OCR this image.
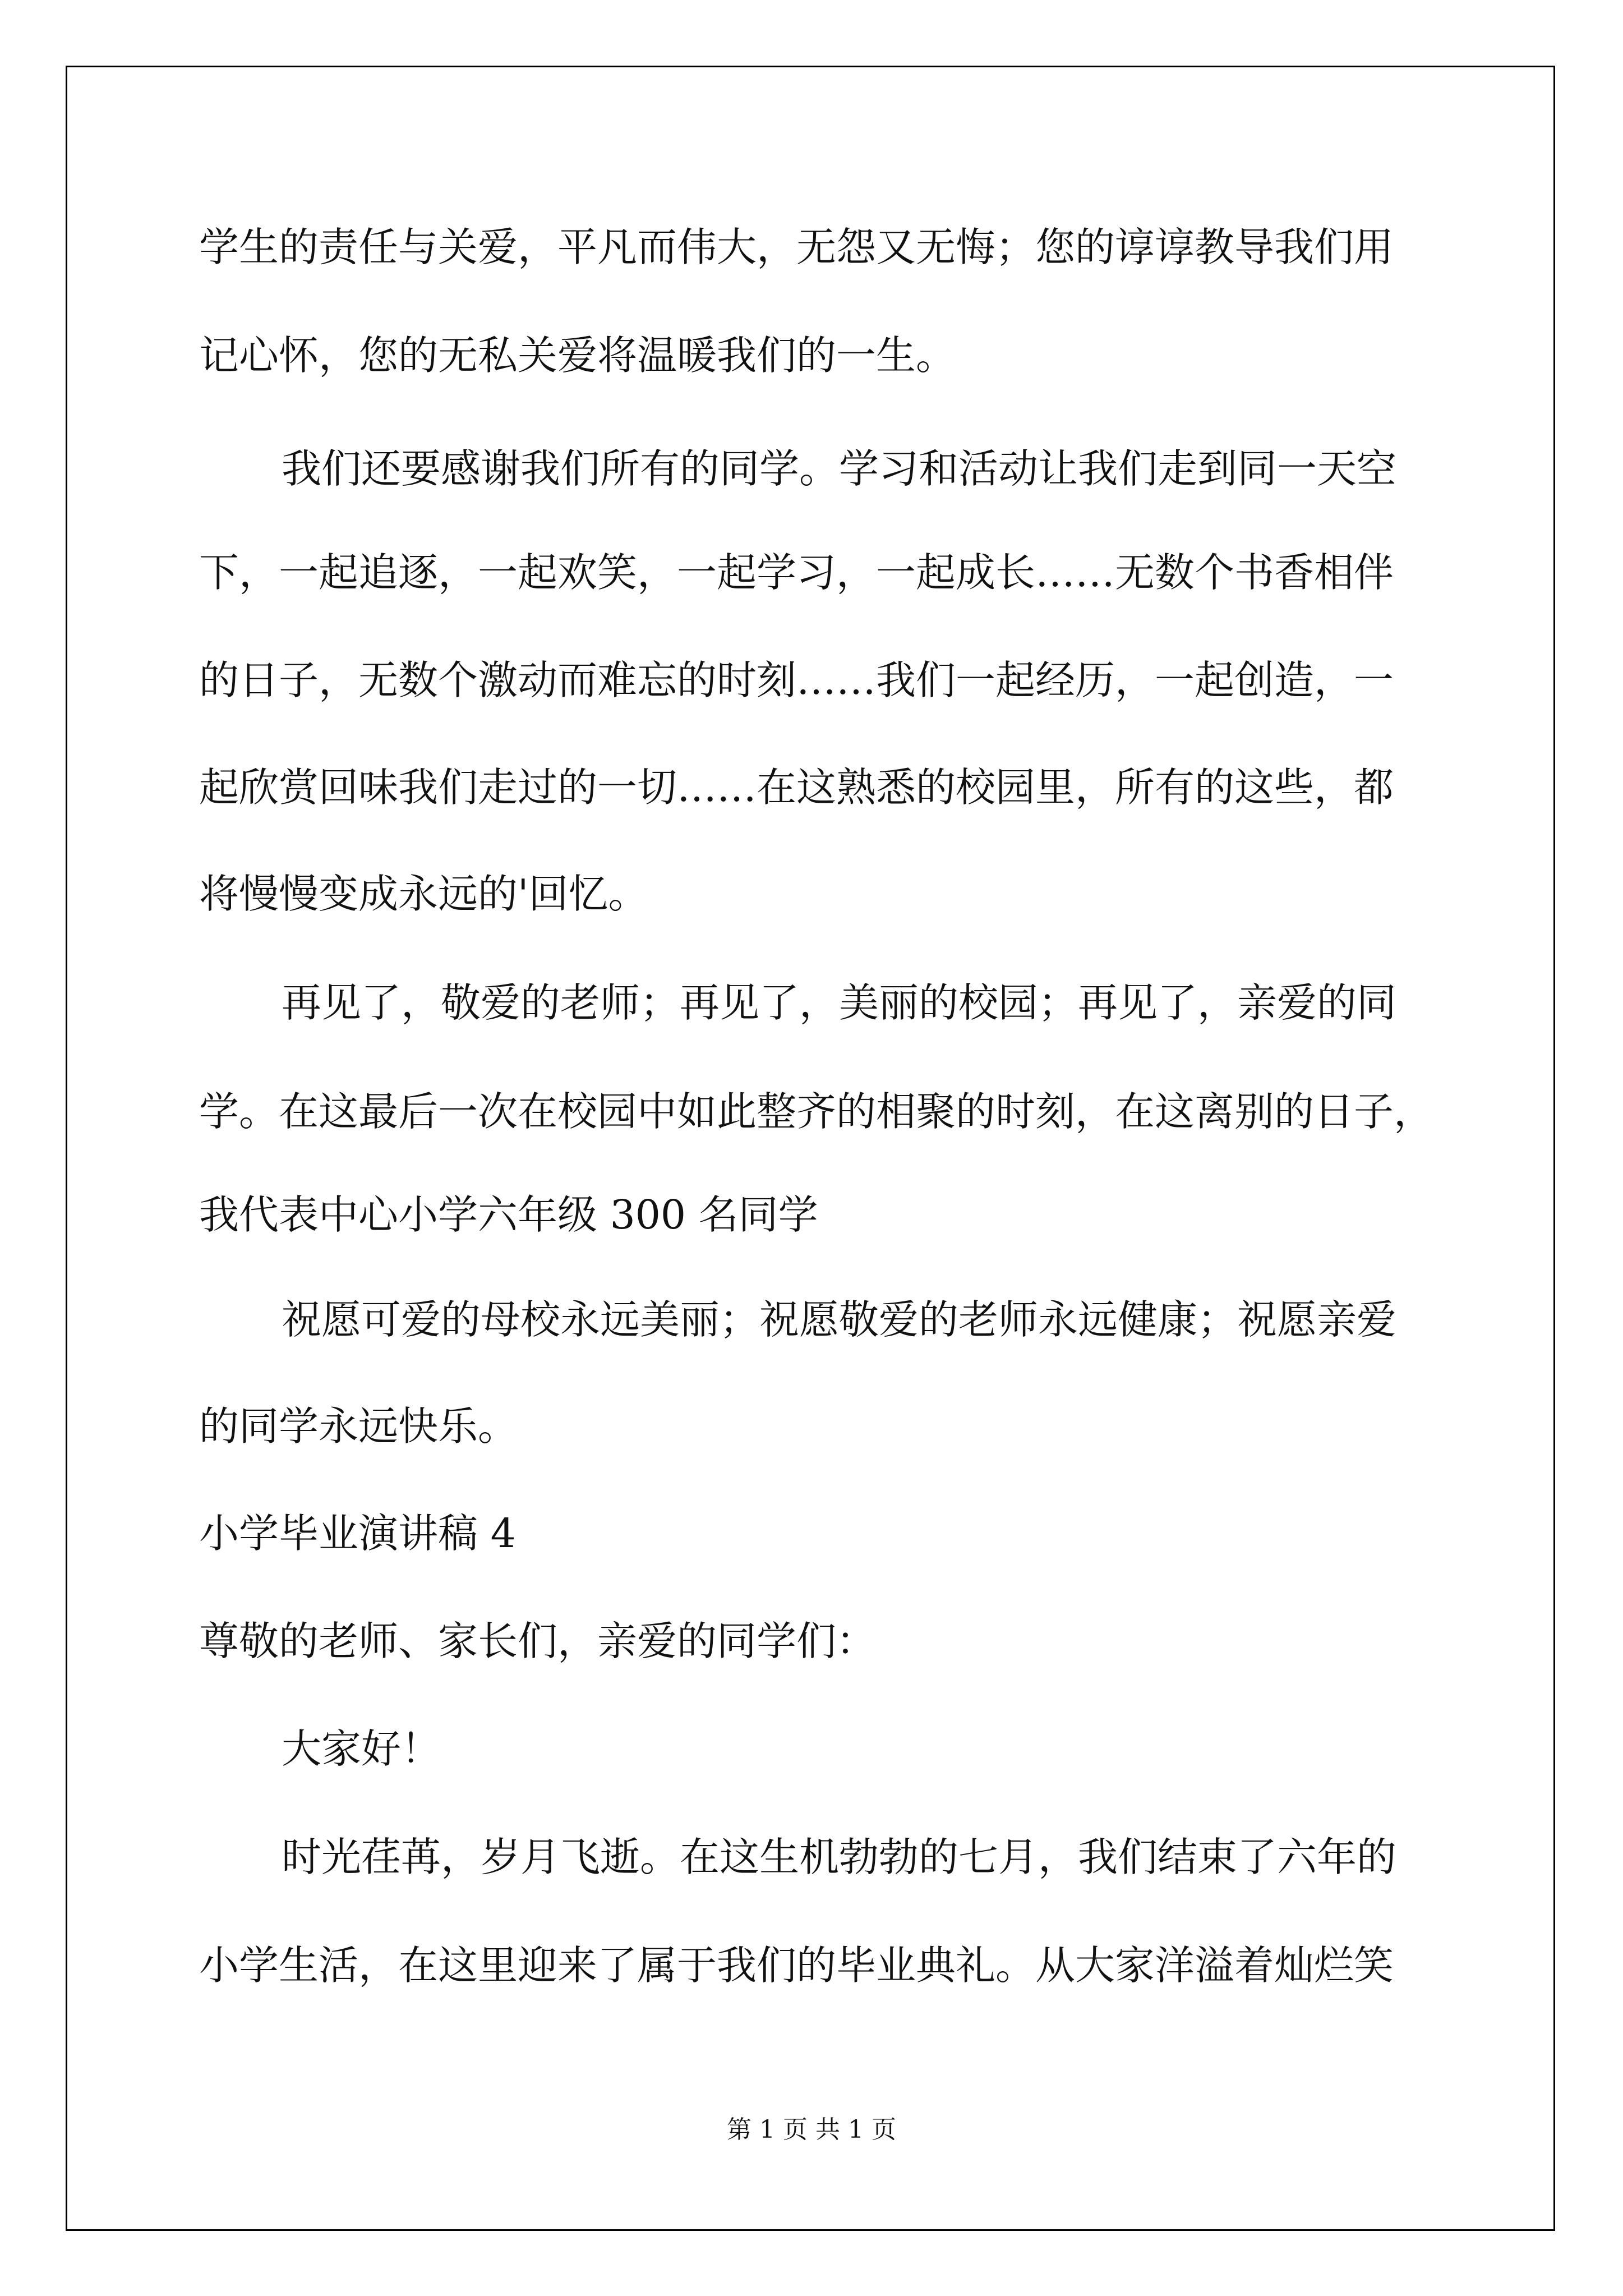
学生的责任与关爱，平凡而伟大，无怨又无悔；您的谆谆教导我们用
记心怀，您的无私关爱将温暖我们的一生。
我们还要感谢我们所有的同学。学习和活动让我们走到同一天空
下，一起追逐，一起欢笑，一起学习，一起成长……无数个书香相伴
的日子，无数个激动而难忘的时刻……我们一起经历，一起创造，一
起欣赏回味我们走过的一切……在这熟悉的校园里，所有的这些，都
将慢慢变成永远的'回忆。
再见了，敬爱的老师；再见了，美丽的校园；再见了，亲爱的同
学。在这最后一次在校园中如此整齐的相聚的时刻，在这离别的日子，
我代表中心小学六年级 300 名同学
祝愿可爱的母校永远美丽；祝愿敬爱的老师永远健康；祝愿亲爱
的同学永远快乐。
小学毕业演讲稿 4
尊敬的老师、家长们，亲爱的同学们：
大家好！
时光荏苒，岁月飞逝。在这生机勃勃的七月，我们结束了六年的
小学生活，在这里迎来了属于我们的毕业典礼。从大家洋溢着灿烂笑
第 1 页 共 1 页
